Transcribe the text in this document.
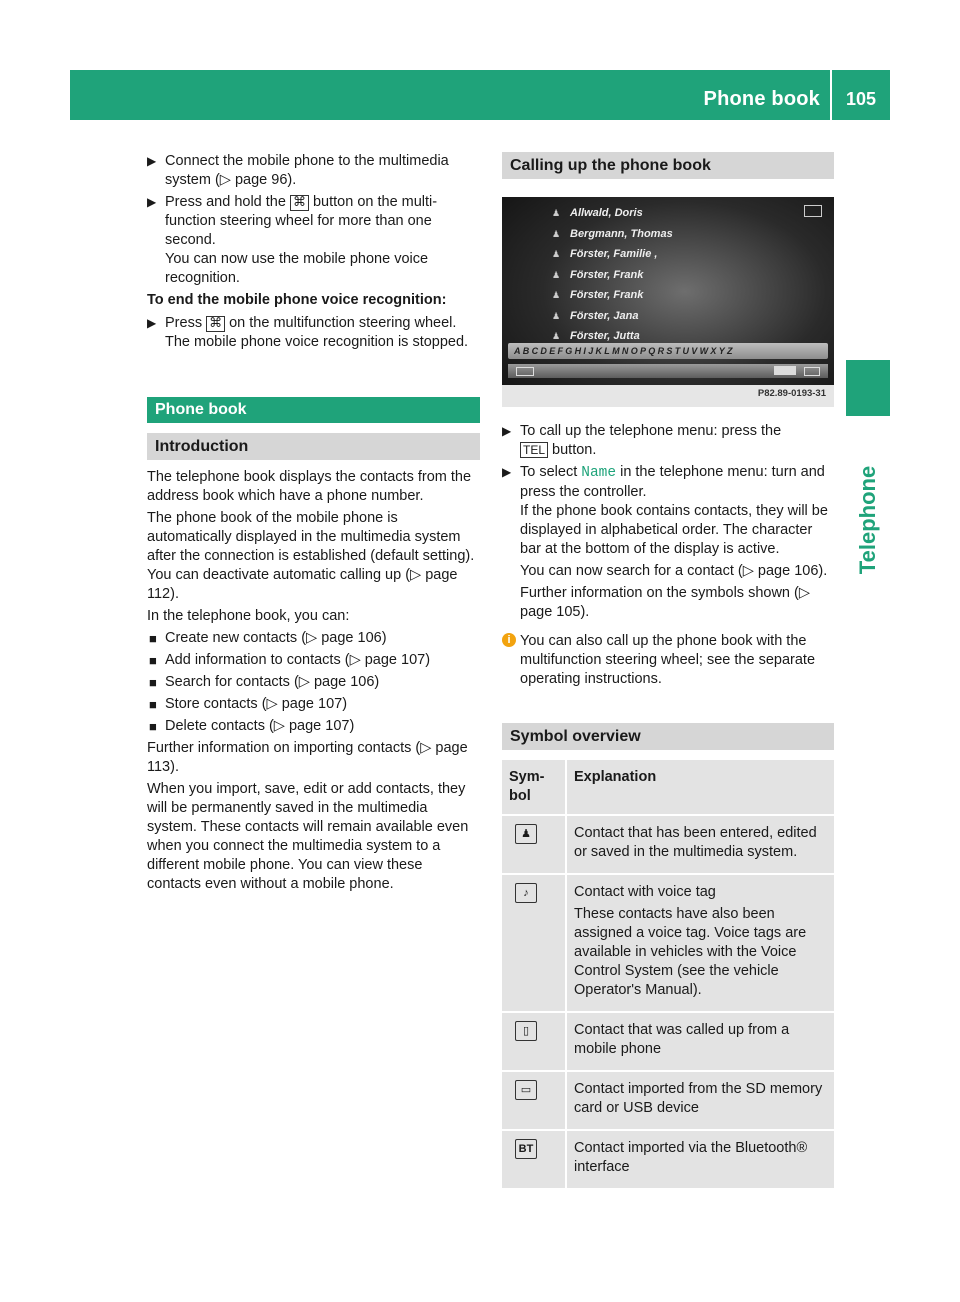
Phone book	105
Telephone
▶ Connect the mobile phone to the multimedia system (▷ page 96).
▶ Press and hold the ⌘ button on the multi-function steering wheel for more than one second.
You can now use the mobile phone voice recognition.
To end the mobile phone voice recognition:
▶ Press ⌘ on the multifunction steering wheel.
The mobile phone voice recognition is stopped.
Phone book
Introduction

The telephone book displays the contacts from the address book which have a phone number.

The phone book of the mobile phone is automatically displayed in the multimedia system after the connection is established (default setting). You can deactivate automatic calling up (▷ page 112).

In the telephone book, you can:

■ Create new contacts (▷ page 106)
■ Add information to contacts (▷ page 107)
■ Search for contacts (▷ page 106)
■ Store contacts (▷ page 107)
■ Delete contacts (▷ page 107)

Further information on importing contacts (▷ page 113).

When you import, save, edit or add contacts, they will be permanently saved in the multimedia system. These contacts will remain available even when you connect the multimedia system to a different mobile phone. You can view these contacts even without a mobile phone.

Calling up the phone book
♟ Allwald, Doris
♟ Bergmann, Thomas
♟ Förster, Familie ,
♟ Förster, Frank
♟ Förster, Frank
♟ Förster, Jana
♟ Förster, Jutta
ABCDEFGHIJKLMNOPQRSTUVWXYZ
P82.89-0193-31
▶ To call up the telephone menu: press the
TEL button.
▶ To select Name in the telephone menu: turn and press the controller.
If the phone book contains contacts, they will be displayed in alphabetical order. The character bar at the bottom of the display is active.

You can now search for a contact (▷ page 106).

Further information on the symbols shown (▷ page 105).

i You can also call up the phone book with the multifunction steering wheel; see the separate operating instructions.
Symbol overview
Sym-bol	Explanation
♟	Contact that has been entered, edited or saved in the multimedia system.

♪	Contact with voice tag

These contacts have also been assigned a voice tag. Voice tags are available in vehicles with the Voice Control System (see the vehicle Operator's Manual).

▯	Contact that was called up from a mobile phone

▭	Contact imported from the SD memory card or USB device

BT	Contact imported via the Bluetooth® interface
